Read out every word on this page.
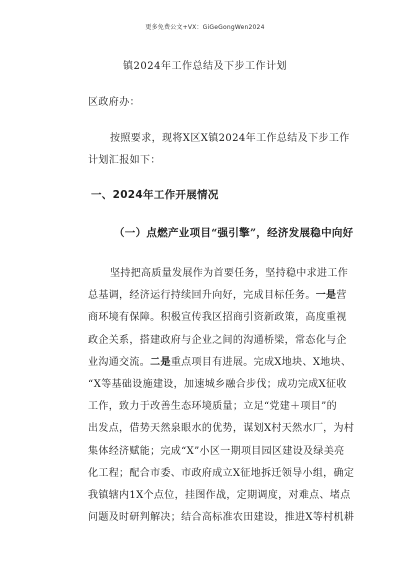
更多免费公文+VX：GiGeGongWen2024
镇2024年工作总结及下步工作计划
区政府办：
按照要求，现将X区X镇2024年工作总结及下步工作
计划汇报如下：
一、2024年工作开展情况
（一）点燃产业项目“强引擎”，经济发展稳中向好
坚持把高质量发展作为首要任务，坚持稳中求进工作
总基调，经济运行持续回升向好，完成目标任务。一是营
商环境有保障。积极宣传我区招商引资新政策，高度重视
政企关系，搭建政府与企业之间的沟通桥梁，常态化与企
业沟通交流。二是重点项目有进展。完成X地块、X地块、
“X等基础设施建设，加速城乡融合步伐；成功完成X征收
工作，致力于改善生态环境质量；立足“党建＋项目”的
出发点，借势天然泉眼水的优势，谋划X村天然水厂，为村
集体经济赋能；完成“X”小区一期项目园区建设及绿美亮
化工程；配合市委、市政府成立X征地拆迁领导小组，确定
我镇辖内1X个点位，挂图作战，定期调度，对难点、堵点
问题及时研判解决；结合高标准农田建设，推进X等村机耕
